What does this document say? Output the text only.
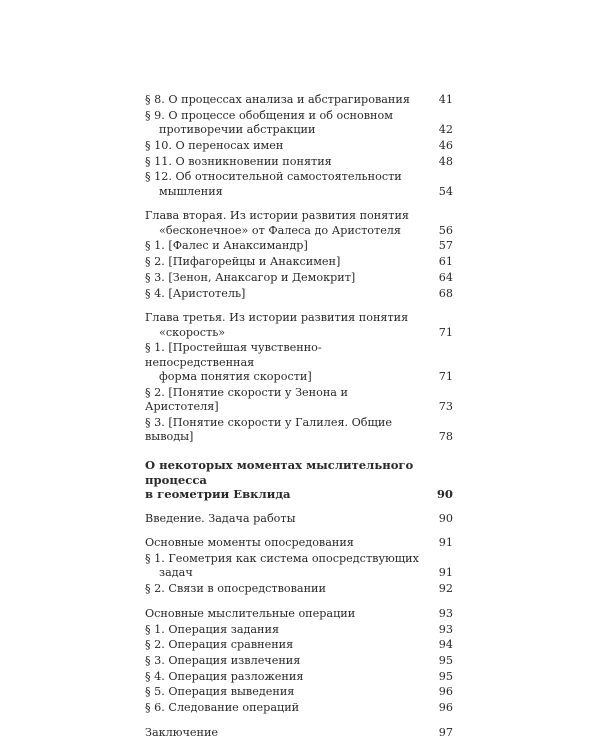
§ 8. О процессах анализа и абстрагирования	41
§ 9. О процессе обобщения и об основном
противоречии абстракции	42
§ 10. О переносах имен	46
§ 11. О возникновении понятия	48
§ 12. Об относительной самостоятельности
мышления	54
Глава вторая. Из истории развития понятия
«бесконечное» от Фалеса до Аристотеля	56
§ 1. [Фалес и Анаксимандр]	57
§ 2. [Пифагорейцы и Анаксимен]	61
§ 3. [Зенон, Анаксагор и Демокрит]	64
§ 4. [Аристотель]	68
Глава третья. Из истории развития понятия
«скорость»	71
§ 1. [Простейшая чувственно-непосредственная
форма понятия скорости]	71
§ 2. [Понятие скорости у Зенона и Аристотеля]	73
§ 3. [Понятие скорости у Галилея. Общие выводы]	78
О некоторых моментах мыслительного процесса
в геометрии Евклида	90
Введение. Задача работы	90
Основные моменты опосредования	91
§ 1. Геометрия как система опосредствующих
задач	91
§ 2. Связи в опосредствовании	92
Основные мыслительные операции	93
§ 1. Операция задания	93
§ 2. Операция сравнения	94
§ 3. Операция извлечения	95
§ 4. Операция разложения	95
§ 5. Операция выведения	96
§ 6. Следование операций	96
Заключение	97
